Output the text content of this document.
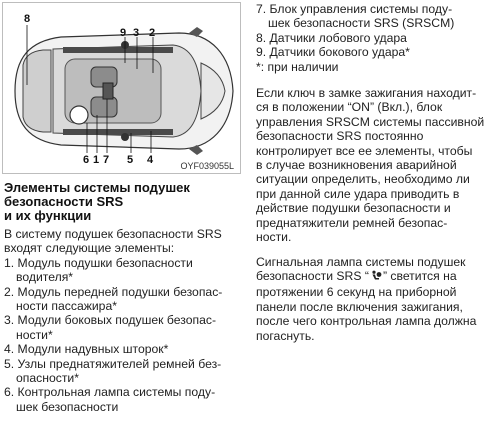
8
9 3 2
6 1 7 5 4	OYF039055L
Элементы системы подушек
безопасности SRS
и их функции

В систему подушек безопасности SRS
входят следующие элементы:

1. Модуль подушки безопасности
водителя*
2. Модуль передней подушки безопас-
ности пассажира*
3. Модули боковых подушек безопас-
ности*
4. Модули надувных шторок*
5. Узлы преднатяжителей ремней без-
опасности*
6. Контрольная лампа системы поду-
шек безопасности
7. Блок управления системы поду-
шек безопасности SRS (SRSCM)
8. Датчики лобового удара
9. Датчики бокового удара*
*: при наличии

Если ключ в замке зажигания находит-
ся в положении “ON” (Вкл.), блок
управления SRSCM системы пассивной
безопасности SRS постоянно
контролирует все ее элементы, чтобы
в случае возникновения аварийной
ситуации определить, необходимо ли
при данной силе удара приводить в
действие подушки безопасности и
преднатяжители ремней безопас-
ности.

Сигнальная лампа системы подушек
безопасности SRS “ ” светится на
протяжении 6 секунд на приборной
панели после включения зажигания,
после чего контрольная лампа должна
погаснуть.
